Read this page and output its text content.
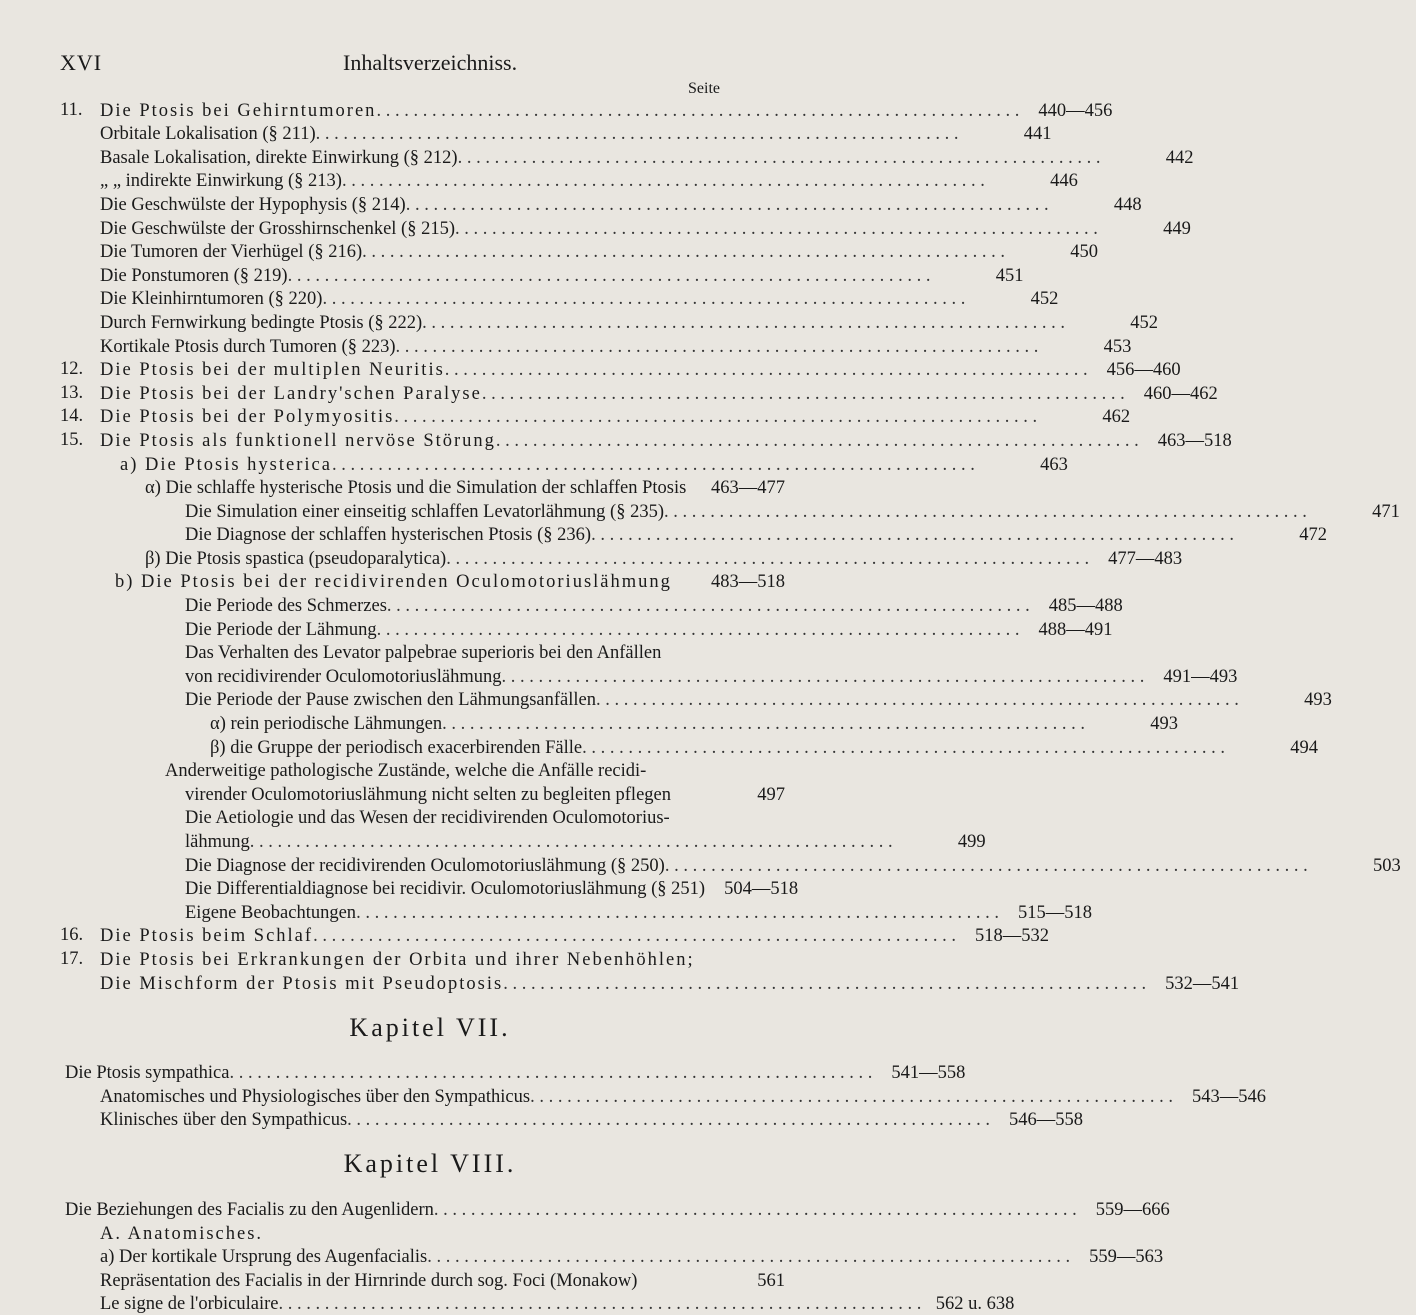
XVI	Inhaltsverzeichniss.
Seite
11. Die Ptosis bei Gehirntumoren . . .	440—456
Orbitale Lokalisation (§ 211) . . .	441
Basale Lokalisation, direkte Einwirkung (§ 212) . . .	442
„ „ indirekte Einwirkung (§ 213) . . .	446
Die Geschwülste der Hypophysis (§ 214) . . .	448
Die Geschwülste der Grosshirnschenkel (§ 215) . . .	449
Die Tumoren der Vierhügel (§ 216) . . .	450
Die Ponstumoren (§ 219) . . .	451
Die Kleinhirntumoren (§ 220) . . .	452
Durch Fernwirkung bedingte Ptosis (§ 222) . . .	452
Kortikale Ptosis durch Tumoren (§ 223) . . .	453
12. Die Ptosis bei der multiplen Neuritis . . .	456—460
13. Die Ptosis bei der Landry'schen Paralyse . . .	460—462
14. Die Ptosis bei der Polymyositis . . .	462
15. Die Ptosis als funktionell nervöse Störung . . .	463—518
a) Die Ptosis hysterica . . .	463
α) Die schlaffe hysterische Ptosis und die Simulation der schlaffen Ptosis	463—477
Die Simulation einer einseitig schlaffen Levatorlähmung (§ 235) . . .	471
Die Diagnose der schlaffen hysterischen Ptosis (§ 236) . . .	472
β) Die Ptosis spastica (pseudoparalytica) . . .	477—483
b) Die Ptosis bei der recidivirenden Oculomotoriuslähmung	483—518
Die Periode des Schmerzes . . .	485—488
Die Periode der Lähmung . . .	488—491
Das Verhalten des Levator palpebrae superioris bei den Anfällen
von recidivirender Oculomotoriuslähmung . . .	491—493
Die Periode der Pause zwischen den Lähmungsanfällen . . .	493
α) rein periodische Lähmungen . . .	493
β) die Gruppe der periodisch exacerbirenden Fälle . . .	494
Anderweitige pathologische Zustände, welche die Anfälle recidi-
virender Oculomotoriuslähmung nicht selten zu begleiten pflegen	497
Die Aetiologie und das Wesen der recidivirenden Oculomotorius-
lähmung . . .	499
Die Diagnose der recidivirenden Oculomotoriuslähmung (§ 250) . . .	503
Die Differentialdiagnose bei recidivir. Oculomotoriuslähmung (§ 251)	504—518
Eigene Beobachtungen . . .	515—518
16. Die Ptosis beim Schlaf . . .	518—532
17. Die Ptosis bei Erkrankungen der Orbita und ihrer Nebenhöhlen;
Die Mischform der Ptosis mit Pseudoptosis . . .	532—541
Kapitel VII.
Die Ptosis sympathica . . .	541—558
Anatomisches und Physiologisches über den Sympathicus . . .	543—546
Klinisches über den Sympathicus . . .	546—558
Kapitel VIII.
Die Beziehungen des Facialis zu den Augenlidern . . .	559—666
A. Anatomisches.
a) Der kortikale Ursprung des Augenfacialis . . .	559—563
Repräsentation des Facialis in der Hirnrinde durch sog. Foci (Monakow)	561
Le signe de l'orbiculaire . . .	562 u. 638
